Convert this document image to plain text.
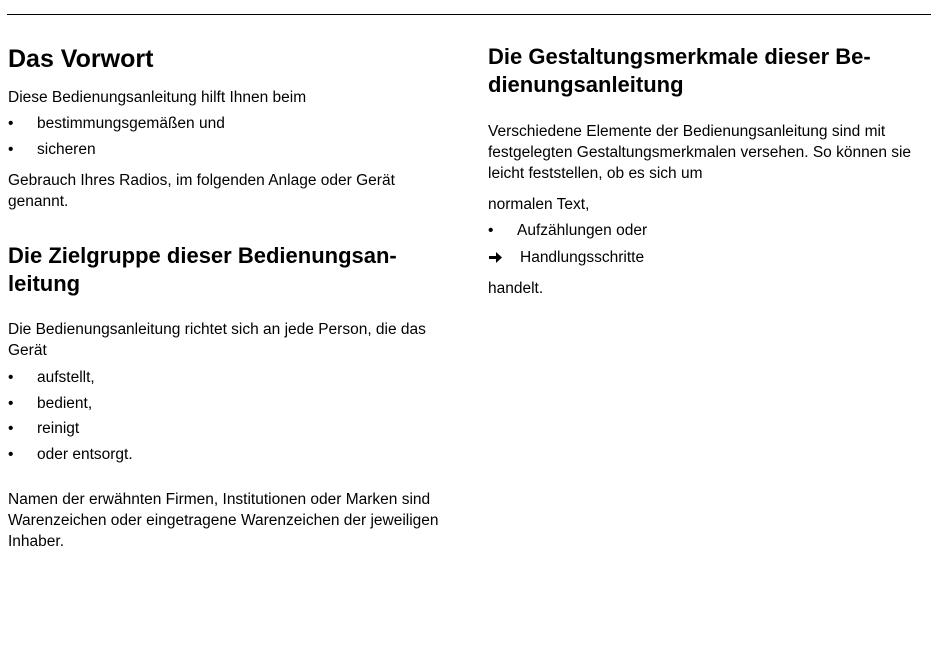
Das Vorwort

Diese Bedienungsanleitung hilft Ihnen beim

• bestimmungsgemäßen und
• sicheren

Gebrauch Ihres Radios, im folgenden Anlage oder Gerät genannt.

Die Zielgruppe dieser Bedienungsan-leitung

Die Bedienungsanleitung richtet sich an jede Person, die das Gerät

• aufstellt,
• bedient,
• reinigt
• oder entsorgt.

Namen der erwähnten Firmen, Institutionen oder Marken sind Warenzeichen oder eingetragene Warenzeichen der jeweiligen Inhaber.

Die Gestaltungsmerkmale dieser Be-dienungsanleitung

Verschiedene Elemente der Bedienungsanleitung sind mit festgelegten Gestaltungsmerkmalen versehen. So können sie leicht feststellen, ob es sich um

normalen Text,

• Aufzählungen oder
Handlungsschritte

handelt.
